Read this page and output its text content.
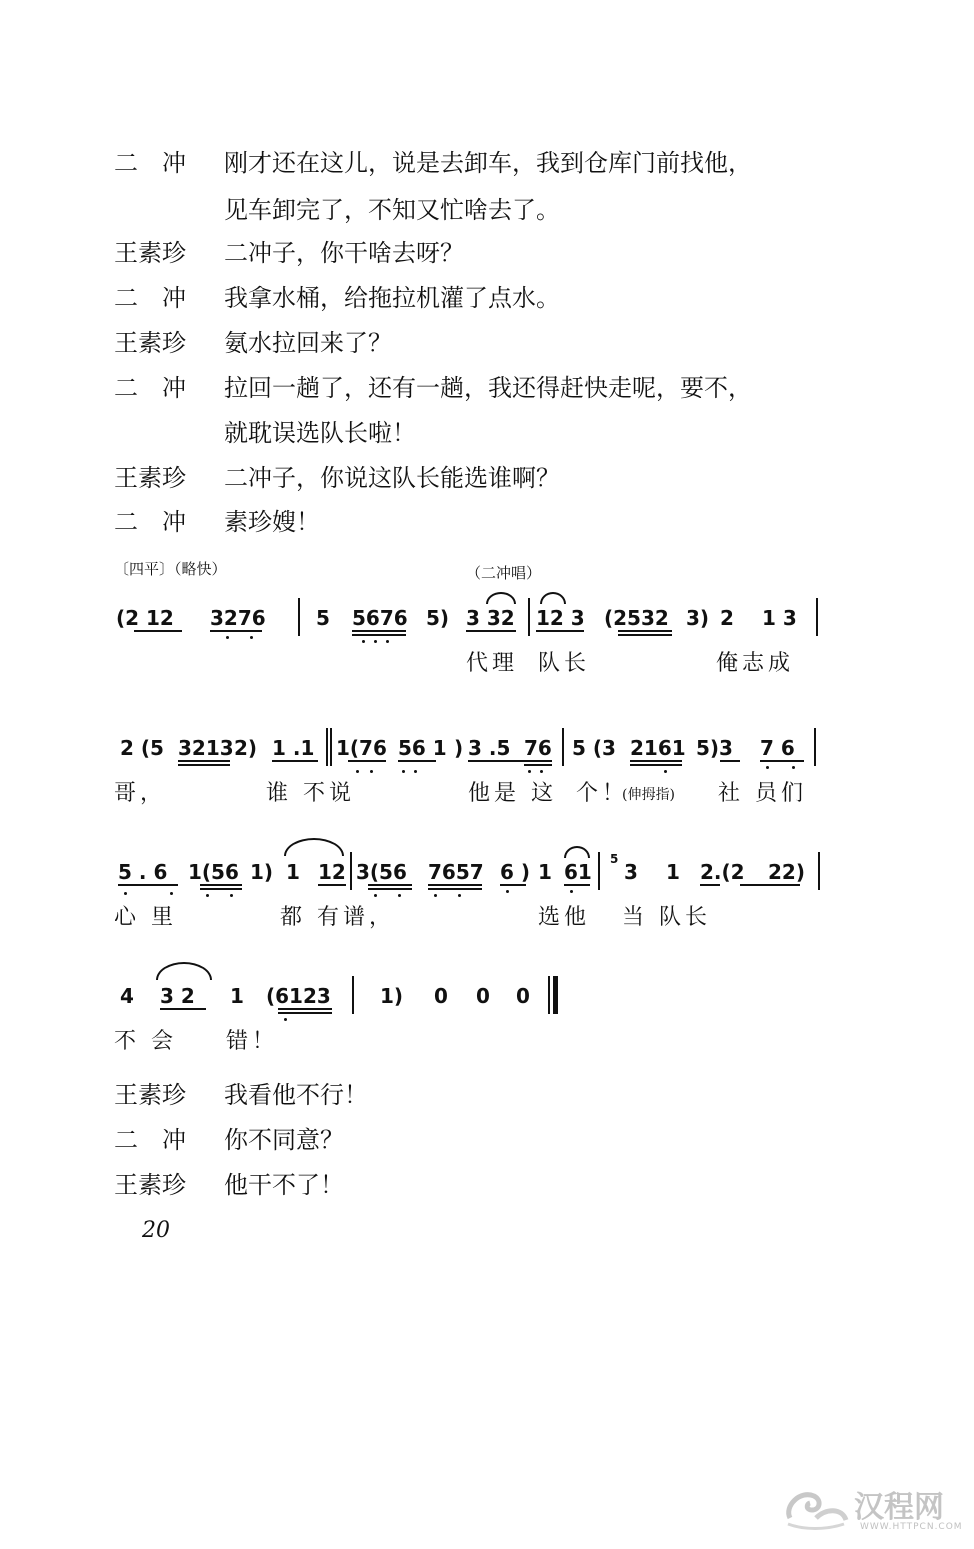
二　冲 刚才还在这儿，说是去卸车，我到仓库门前找他，
见车卸完了，不知又忙啥去了。
王素珍 二冲子，你干啥去呀？
二　冲 我拿水桶，给拖拉机灌了点水。
王素珍 氨水拉回来了？
二　冲 拉回一趟了，还有一趟，我还得赶快走呢，要不，
就耽误选队长啦！
王素珍 二冲子，你说这队长能选谁啊？
二　冲 素珍嫂！
〔四平〕（略快）	（二冲唱）
(2 12 3276	5 5676 5) 3 32 12 3 (2532 3) 2 1 3
代理 队长	俺志成
2 (5 3213 2) 1 .1 1(76 56 1 ) 3 .5 76 5 (3 2161 5)3 7 6
哥，	谁 不说	他是 这 个！
(伸拇指) 社 员们
5 . 6 1(56 1) 1 12 3(56 7657 6 ) 1 61
5
3 1 2.(2 22)
心 里	都 有谱，	选他 当 队长
4 3 2 1 (6123 1) 0 0 0
不 会 错！
王素珍 我看他不行！
二　冲 你不同意？
王素珍 他干不了！
20
汉程网
WWW.HTTPCN.COM
